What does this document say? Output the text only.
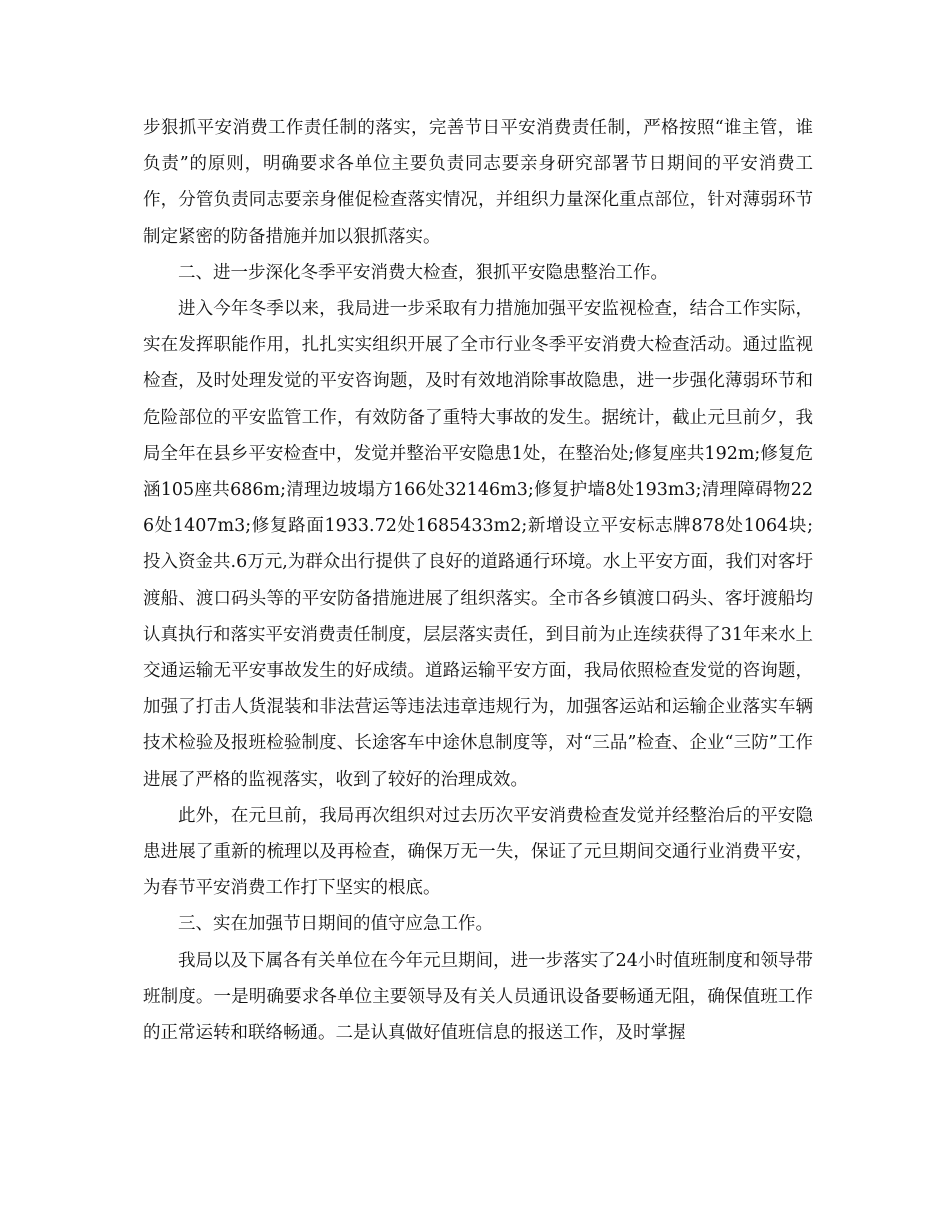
步狠抓平安消费工作责任制的落实，完善节日平安消费责任制，严格按照“谁主管，谁负责”的原则，明确要求各单位主要负责同志要亲身研究部署节日期间的平安消费工作，分管负责同志要亲身催促检查落实情况，并组织力量深化重点部位，针对薄弱环节制定紧密的防备措施并加以狠抓落实。

二、进一步深化冬季平安消费大检查，狠抓平安隐患整治工作。

进入今年冬季以来，我局进一步采取有力措施加强平安监视检查，结合工作实际，实在发挥职能作用，扎扎实实组织开展了全市行业冬季平安消费大检查活动。通过监视检查，及时处理发觉的平安咨询题，及时有效地消除事故隐患，进一步强化薄弱环节和危险部位的平安监管工作，有效防备了重特大事故的发生。据统计，截止元旦前夕，我局全年在县乡平安检查中，发觉并整治平安隐患1处，在整治处;修复座共192m;修复危涵105座共686m;清理边坡塌方166处32146m3;修复护墙8处193m3;清理障碍物226处1407m3;修复路面1933.72处1685433m2;新增设立平安标志牌878处1064块;投入资金共.6万元,为群众出行提供了良好的道路通行环境。水上平安方面，我们对客圩渡船、渡口码头等的平安防备措施进展了组织落实。全市各乡镇渡口码头、客圩渡船均认真执行和落实平安消费责任制度，层层落实责任，到目前为止连续获得了31年来水上交通运输无平安事故发生的好成绩。道路运输平安方面，我局依照检查发觉的咨询题，加强了打击人货混装和非法营运等违法违章违规行为，加强客运站和运输企业落实车辆技术检验及报班检验制度、长途客车中途休息制度等，对“三品”检查、企业“三防”工作进展了严格的监视落实，收到了较好的治理成效。

此外，在元旦前，我局再次组织对过去历次平安消费检查发觉并经整治后的平安隐患进展了重新的梳理以及再检查，确保万无一失，保证了元旦期间交通行业消费平安，为春节平安消费工作打下坚实的根底。

三、实在加强节日期间的值守应急工作。

我局以及下属各有关单位在今年元旦期间，进一步落实了24小时值班制度和领导带班制度。一是明确要求各单位主要领导及有关人员通讯设备要畅通无阻，确保值班工作的正常运转和联络畅通。二是认真做好值班信息的报送工作，及时掌握
